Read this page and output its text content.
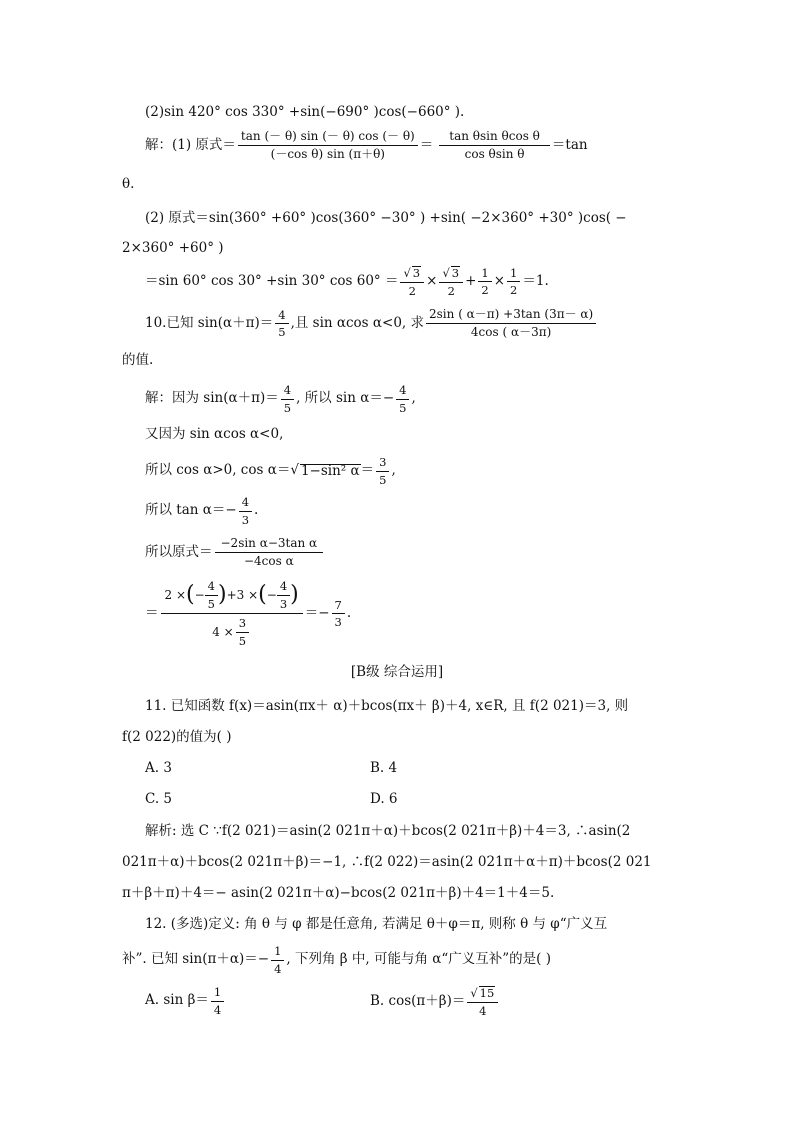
(2)sin 420° cos 330° +sin(−690° )cos(−660° ).
解：(1) 原式＝ $\frac{\tan (- \theta) \sin (- \theta) \cos (- \theta)}{\text{(－cos θ) sin (π＋θ)}} = \frac{\text{tan θsin θcos θ}}{\text{cos θsin θ}} =\tan$
θ.
(2) 原式＝sin(360° +60° )cos(360° −30° ) +sin( −2×360° +30° )cos( −
2×360° +60° )
＝sin 60° cos 30° +sin 30° cos 60° ＝ √ $\frac{3}{2}$ × √ $\frac{3}{2} + \frac{1}{2} \times \frac{1}{2} =1$.
10.已知 $\sin(\alpha+\pi)= \frac{4}{5}$ ,且 sin αcos α<0, 求 $\frac{2\sin ( \alpha-\pi) +3\tan (3\pi- \alpha)}{4\cos ( \alpha-3\pi)}$
的值.
解：因为 $\sin(\alpha+\pi)= \frac{4}{5}$ , 所以 $\sin \alpha=- \frac{4}{5}$ ,
又因为 sin αcos α<0,
所以 cos α>0, cos α＝ √ 1−sin² $\alpha = \frac{3}{5}$ ,
所以 $\tan \alpha=- \frac{4}{3}$ .
所以原式＝ $\frac{\text{−2sin α−3tan α}}{\text{−4cos α}}$
＝
2 × ( − $\frac{4}{5}$ ) +3 × ( − $\frac{4}{3}$ )
$4 \times \frac{3}{5}$
＝− $\frac{7}{3}$ .
[B级 综合运用]
11. 已知函数 f(x)＝asin(πx＋ α)＋bcos(πx＋ β)＋4, x∈R, 且 f(2 021)＝3, 则
f(2 022)的值为( )
A. 3	B. 4
C. 5	D. 6
解析: 选 C ∵f(2 021)＝asin(2 021π＋α)＋bcos(2 021π＋β)＋4＝3, ∴asin(2
021π＋α)＋bcos(2 021π＋β)＝−1, ∴f(2 022)＝asin(2 021π＋α＋π)＋bcos(2 021
π＋β＋π)＋4＝− asin(2 021π＋α)−bcos(2 021π＋β)＋4＝1＋4＝5.
12. (多选)定义: 角 θ 与 φ 都是任意角, 若满足 θ＋φ＝π, 则称 θ 与 φ“广义互
补”. 已知 $\sin(\pi+\alpha)=- \frac{1}{4}$ , 下列角 β 中, 可能与角 α“广义互补”的是( )
A. $\sin \beta= \frac{1}{4}$	B. cos(π＋β)＝ √ $\frac{15}{4}$
